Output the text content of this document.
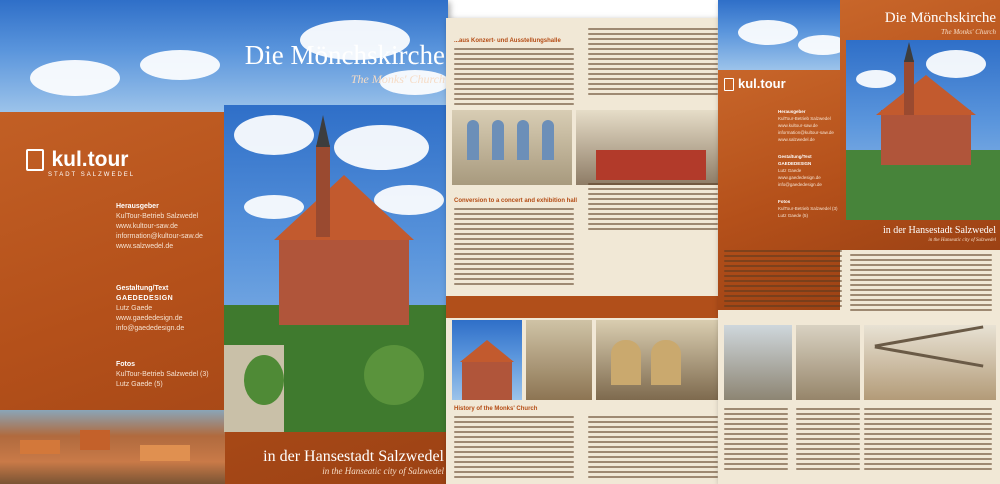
kul.tour
STADT SALZWEDEL
Herausgeber
KulTour-Betrieb Salzwedel
www.kultour-saw.de
information@kultour-saw.de
www.salzwedel.de
Gestaltung/Text
GAEDEDESIGN
Lutz Gaede
www.gaededesign.de
info@gaededesign.de
Fotos
KulTour-Betrieb Salzwedel (3)
Lutz Gaede (5)
Die Mönchskirche
The Monks' Church
in der Hansestadt Salzwedel
in the Hanseatic city of Salzwedel
...aus Konzert- und Ausstellungshalle
Conversion to a concert and exhibition hall
History of the Monks' Church
kul.tour
Herausgeber
KulTour-Betrieb Salzwedel
www.kultour-saw.de
information@kultour-saw.de
www.salzwedel.de
Gestaltung/Text
GAEDEDESIGN
Lutz Gaede
www.gaededesign.de
info@gaededesign.de
Fotos
KulTour-Betrieb Salzwedel (3)
Lutz Gaede (5)
Die Mönchskirche
The Monks' Church
in der Hansestadt Salzwedel
in the Hanseatic city of Salzwedel
